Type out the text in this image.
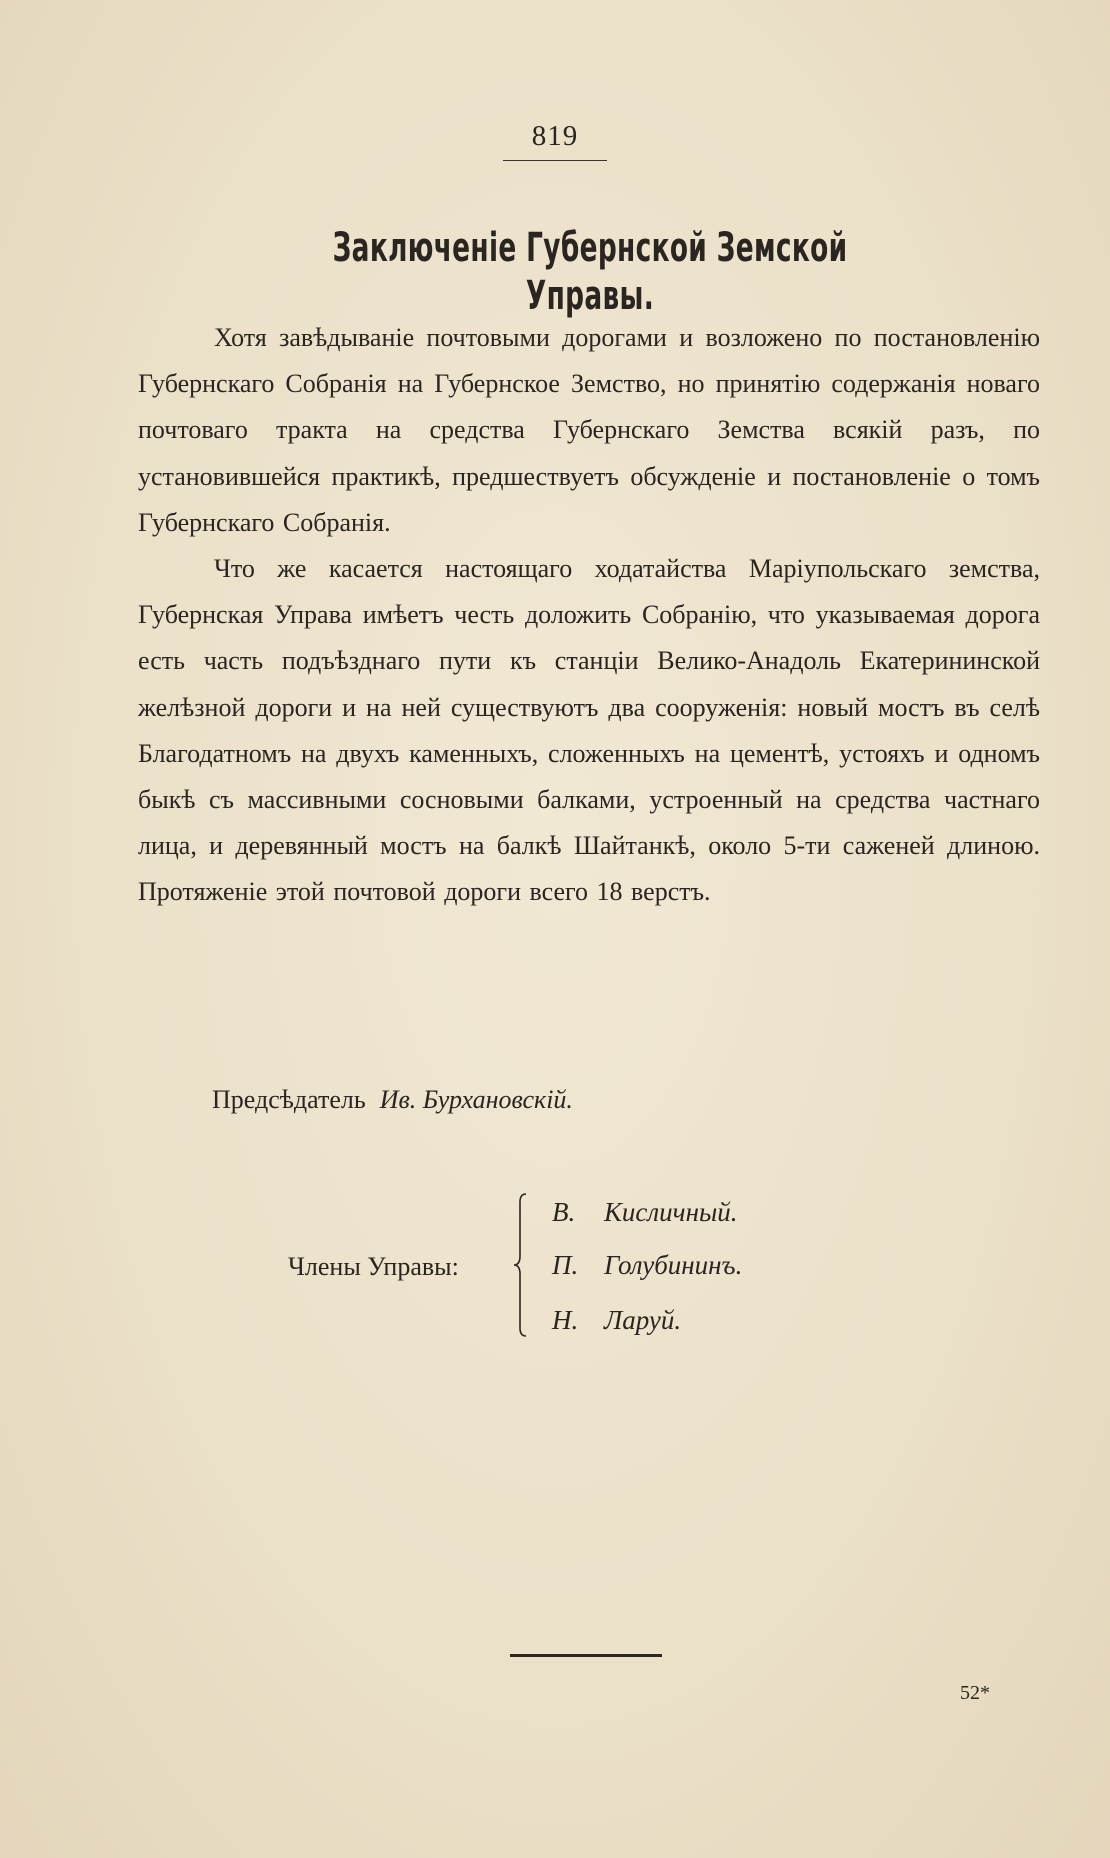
819
Заключеніе Губернской Земской Управы.

Хотя завѣдываніе почтовыми дорогами и возложено по постановленію Губернскаго Собранія на Губернское Земство, но принятію содержанія новаго почтоваго тракта на средства Губернскаго Земства всякій разъ, по установившейся практикѣ, предшествуетъ обсужденіе и постановленіе о томъ Губернскаго Собранія.

Что же касается настоящаго ходатайства Маріупольскаго земства, Губернская Управа имѣетъ честь доложить Собранію, что указываемая дорога есть часть подъѣзднаго пути къ станціи Велико-Анадоль Екатерининской желѣзной дороги и на ней существуютъ два сооруженія: новый мостъ въ селѣ Благодатномъ на двухъ каменныхъ, сложенныхъ на цементѣ, устояхъ и одномъ быкѣ съ массивными сосновыми балками, устроенный на средства частнаго лица, и деревянный мостъ на балкѣ Шайтанкѣ, около 5-ти саженей длиною. Протяженіе этой почтовой дороги всего 18 верстъ.

Предсѣдатель Ив. Бурхановскій.
Члены Управы:
В. Кисличный.
П. Голубининъ.
Н. Ларуй.
52*
